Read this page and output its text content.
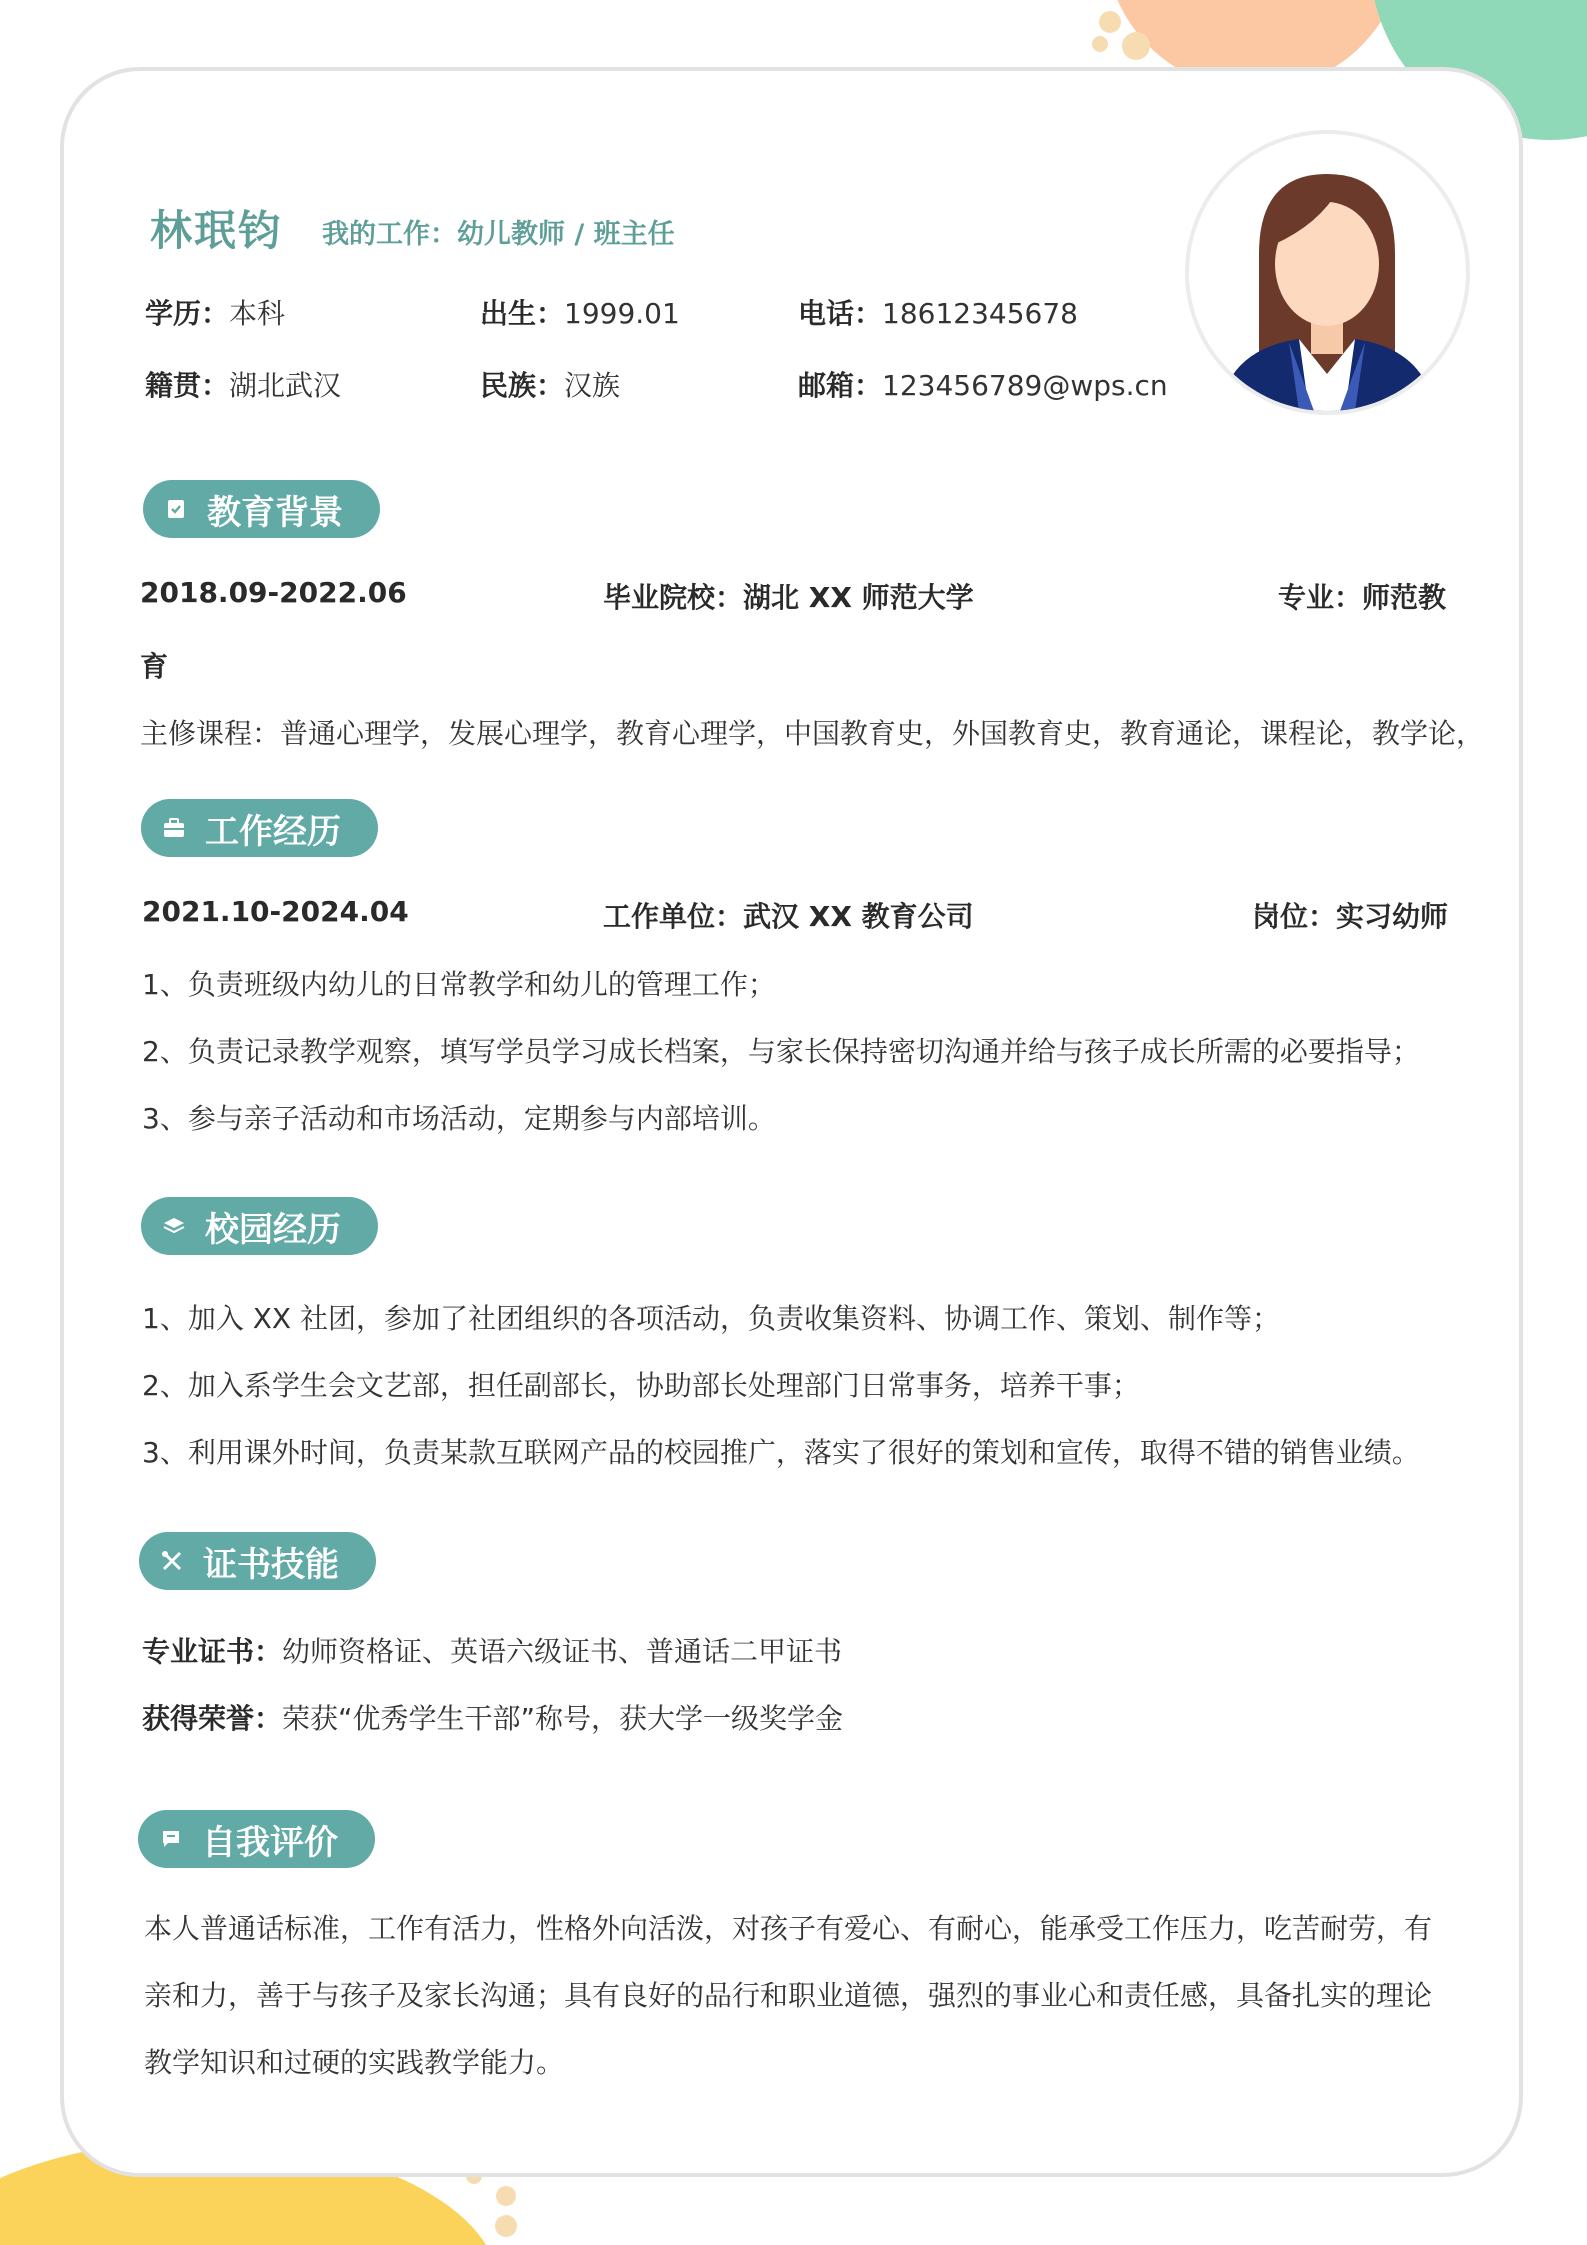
林珉钧 我的工作：幼儿教师 / 班主任
学历：本科	出生：1999.01	电话：18612345678
籍贯：湖北武汉	民族：汉族	邮箱：123456789@wps.cn
教育背景
2018.09-2022.06	毕业院校：湖北 XX 师范大学	专业：师范教
育
主修课程：普通心理学，发展心理学，教育心理学，中国教育史，外国教育史，教育通论，课程论，教学论，
工作经历
2021.10-2024.04	工作单位：武汉 XX 教育公司	岗位：实习幼师
1、负责班级内幼儿的日常教学和幼儿的管理工作；
2、负责记录教学观察，填写学员学习成长档案，与家长保持密切沟通并给与孩子成长所需的必要指导；
3、参与亲子活动和市场活动，定期参与内部培训。
校园经历
1、加入 XX 社团，参加了社团组织的各项活动，负责收集资料、协调工作、策划、制作等；
2、加入系学生会文艺部，担任副部长，协助部长处理部门日常事务，培养干事；
3、利用课外时间，负责某款互联网产品的校园推广，落实了很好的策划和宣传，取得不错的销售业绩。
证书技能
专业证书：幼师资格证、英语六级证书、普通话二甲证书
获得荣誉：荣获“优秀学生干部”称号，获大学一级奖学金
自我评价
本人普通话标准，工作有活力，性格外向活泼，对孩子有爱心、有耐心，能承受工作压力，吃苦耐劳，有
亲和力，善于与孩子及家长沟通；具有良好的品行和职业道德，强烈的事业心和责任感，具备扎实的理论
教学知识和过硬的实践教学能力。
